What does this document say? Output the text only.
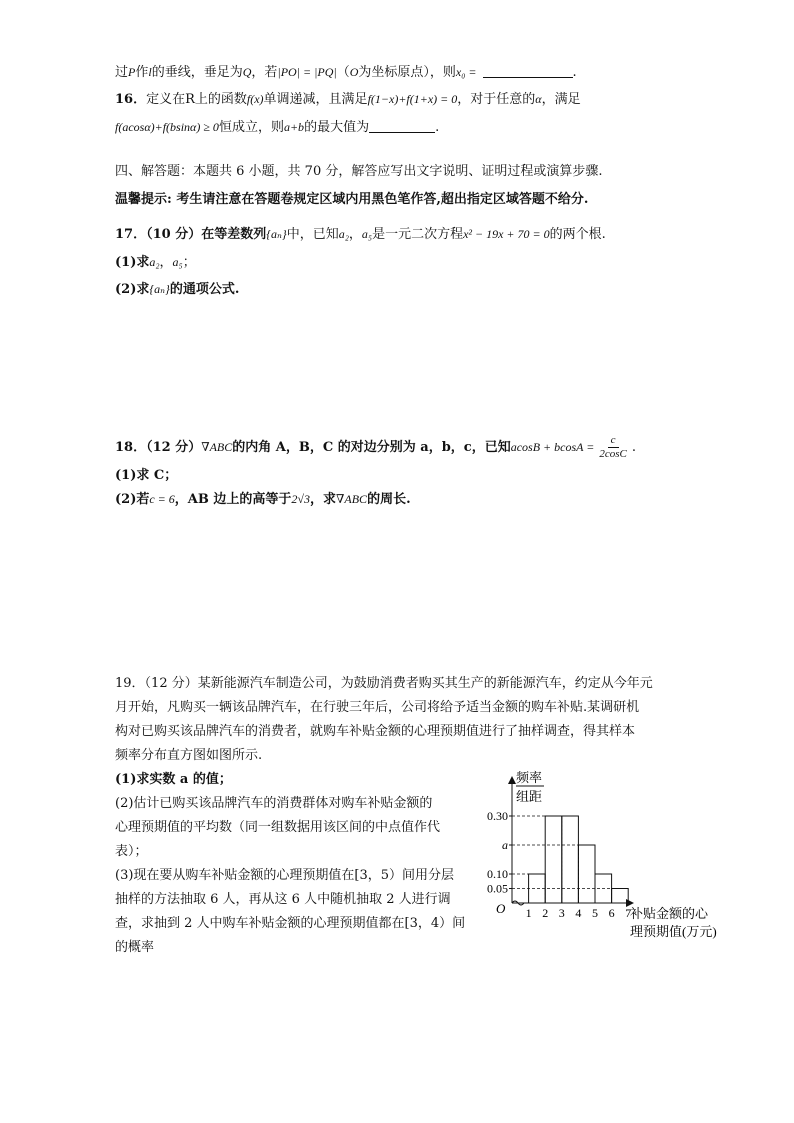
过P作l的垂线，垂足为Q，若|PO| = |PQ|（O为坐标原点），则x₀ =	.
16．定义在R上的函数f(x)单调递减，且满足f(1−x)+f(1+x) = 0，对于任意的α，满足
f(acosα)+f(bsinα) ≥ 0恒成立，则a+b的最大值为	.
四、解答题：本题共 6 小题，共 70 分，解答应写出文字说明、证明过程或演算步骤.
温馨提示: 考生请注意在答题卷规定区域内用黑色笔作答,超出指定区域答题不给分.
17．（10 分）在等差数列{aₙ}中，已知a₂，a₅是一元二次方程x² − 19x + 70 = 0的两个根.
(1)求a₂，a₅；
(2)求{aₙ}的通项公式.
18．（12 分）∇ABC的内角 A，B，C 的对边分别为 a，b，c，已知$acosB + bcosA = \frac{c}{2\cos C}$ .
(1)求 C；
(2)若c = 6，AB 边上的高等于2√3，求∇ABC的周长.
19．（12 分）某新能源汽车制造公司，为鼓励消费者购买其生产的新能源汽车，约定从今年元
月开始，凡购买一辆该品牌汽车，在行驶三年后，公司将给予适当金额的购车补贴.某调研机
构对已购买该品牌汽车的消费者，就购车补贴金额的心理预期值进行了抽样调查，得其样本
频率分布直方图如图所示.
(1)求实数 a 的值；
(2)估计已购买该品牌汽车的消费群体对购车补贴金额的
心理预期值的平均数（同一组数据用该区间的中点值作代
表）；
(3)现在要从购车补贴金额的心理预期值在[3，5）间用分层
抽样的方法抽取 6 人，再从这 6 人中随机抽取 2 人进行调
查，求抽到 2 人中购车补贴金额的心理预期值都在[3，4）间
的概率
频率
组距
O	补贴金额的心
理预期值(万元)
0.30
a
0.10
0.05
1 2 3 4 5 6 7
